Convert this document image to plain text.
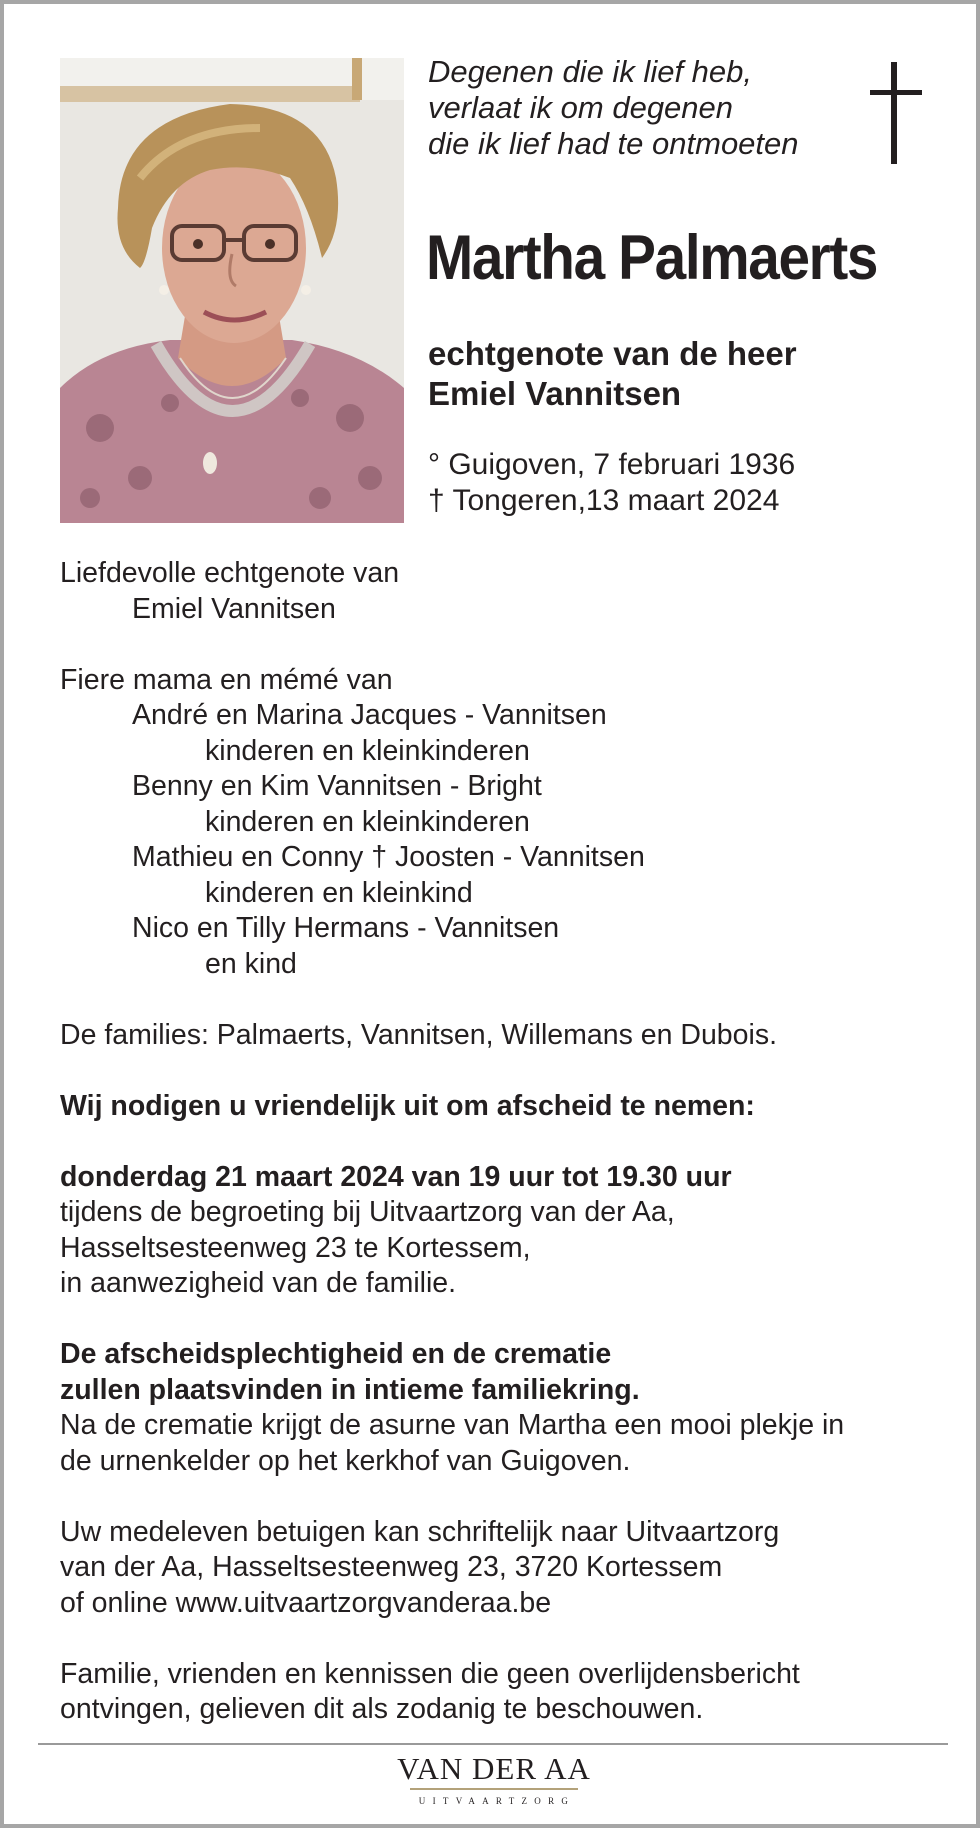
Degenen die ik lief heb,
verlaat ik om degenen
die ik lief had te ontmoeten
Martha Palmaerts
echtgenote van de heer
Emiel Vannitsen
° Guigoven, 7 februari 1936
† Tongeren,13 maart 2024
Liefdevolle echtgenote van
Emiel Vannitsen
Fiere mama en mémé van
André en Marina Jacques - Vannitsen
kinderen en kleinkinderen
Benny en Kim Vannitsen - Bright
kinderen en kleinkinderen
Mathieu en Conny † Joosten - Vannitsen
kinderen en kleinkind
Nico en Tilly Hermans - Vannitsen
en kind
De families: Palmaerts, Vannitsen, Willemans en Dubois.
Wij nodigen u vriendelijk uit om afscheid te nemen:
donderdag 21 maart 2024 van 19 uur tot 19.30 uur
tijdens de begroeting bij Uitvaartzorg van der Aa,
Hasseltsesteenweg 23 te Kortessem,
in aanwezigheid van de familie.
De afscheidsplechtigheid en de crematie
zullen plaatsvinden in intieme familiekring.
Na de crematie krijgt de asurne van Martha een mooi plekje in
de urnenkelder op het kerkhof van Guigoven.
Uw medeleven betuigen kan schriftelijk naar Uitvaartzorg
van der Aa, Hasseltsesteenweg 23, 3720 Kortessem
of online www.uitvaartzorgvanderaa.be
Familie, vrienden en kennissen die geen overlijdensbericht
ontvingen, gelieven dit als zodanig te beschouwen.
VAN DER AA
UITVAARTZORG
